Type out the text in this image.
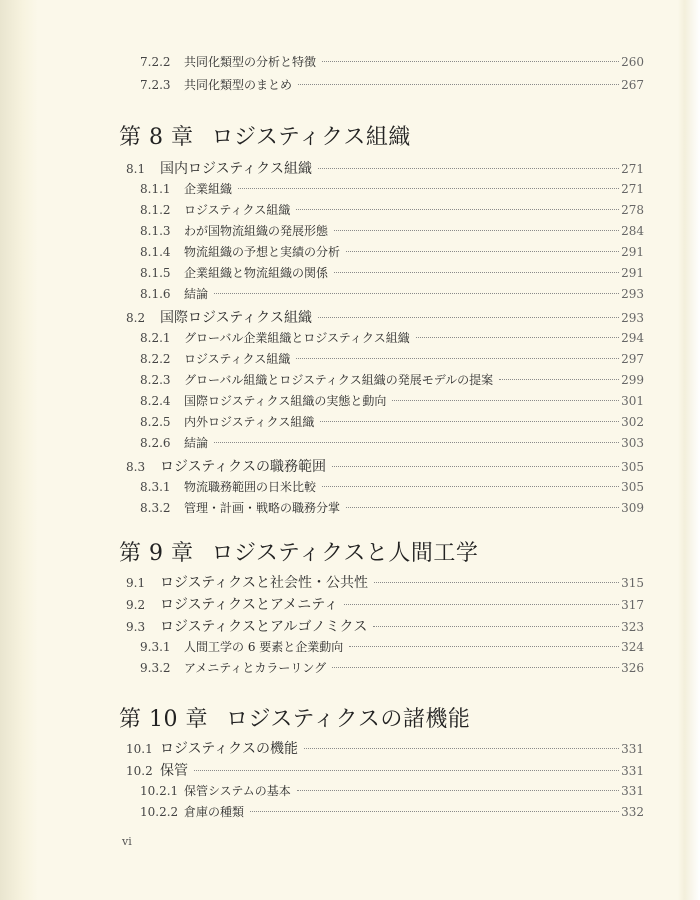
7.2.2	共同化類型の分析と特徴	260
7.2.3	共同化類型のまとめ	267
第 8 章 ロジスティクス組織
8.1	国内ロジスティクス組織	271
8.1.1	企業組織	271
8.1.2	ロジスティクス組織	278
8.1.3	わが国物流組織の発展形態	284
8.1.4	物流組織の予想と実績の分析	291
8.1.5	企業組織と物流組織の関係	291
8.1.6	結論	293
8.2	国際ロジスティクス組織	293
8.2.1	グローバル企業組織とロジスティクス組織	294
8.2.2	ロジスティクス組織	297
8.2.3	グローバル組織とロジスティクス組織の発展モデルの提案	299
8.2.4	国際ロジスティクス組織の実態と動向	301
8.2.5	内外ロジスティクス組織	302
8.2.6	結論	303
8.3	ロジスティクスの職務範囲	305
8.3.1	物流職務範囲の日米比較	305
8.3.2	管理・計画・戦略の職務分掌	309
第 9 章 ロジスティクスと人間工学
9.1	ロジスティクスと社会性・公共性	315
9.2	ロジスティクスとアメニティ	317
9.3	ロジスティクスとアルゴノミクス	323
9.3.1	人間工学の 6 要素と企業動向	324
9.3.2	アメニティとカラーリング	326
第 10 章 ロジスティクスの諸機能
10.1 ロジスティクスの機能	331
10.2 保管	331
10.2.1 保管システムの基本	331
10.2.2 倉庫の種類	332
vi
